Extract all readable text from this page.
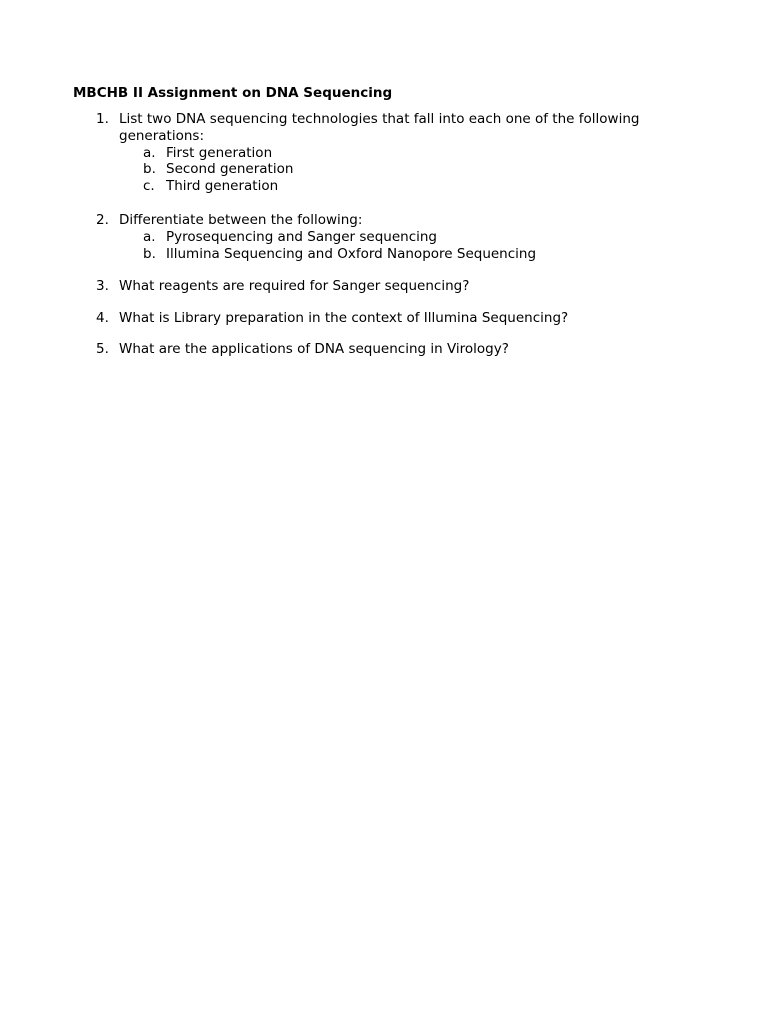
MBCHB II Assignment on DNA Sequencing
1. List two DNA sequencing technologies that fall into each one of the following generations:
a. First generation
b. Second generation
c. Third generation
2. Differentiate between the following:
a. Pyrosequencing and Sanger sequencing
b. Illumina Sequencing and Oxford Nanopore Sequencing
3. What reagents are required for Sanger sequencing?
4. What is Library preparation in the context of Illumina Sequencing?
5. What are the applications of DNA sequencing in Virology?
